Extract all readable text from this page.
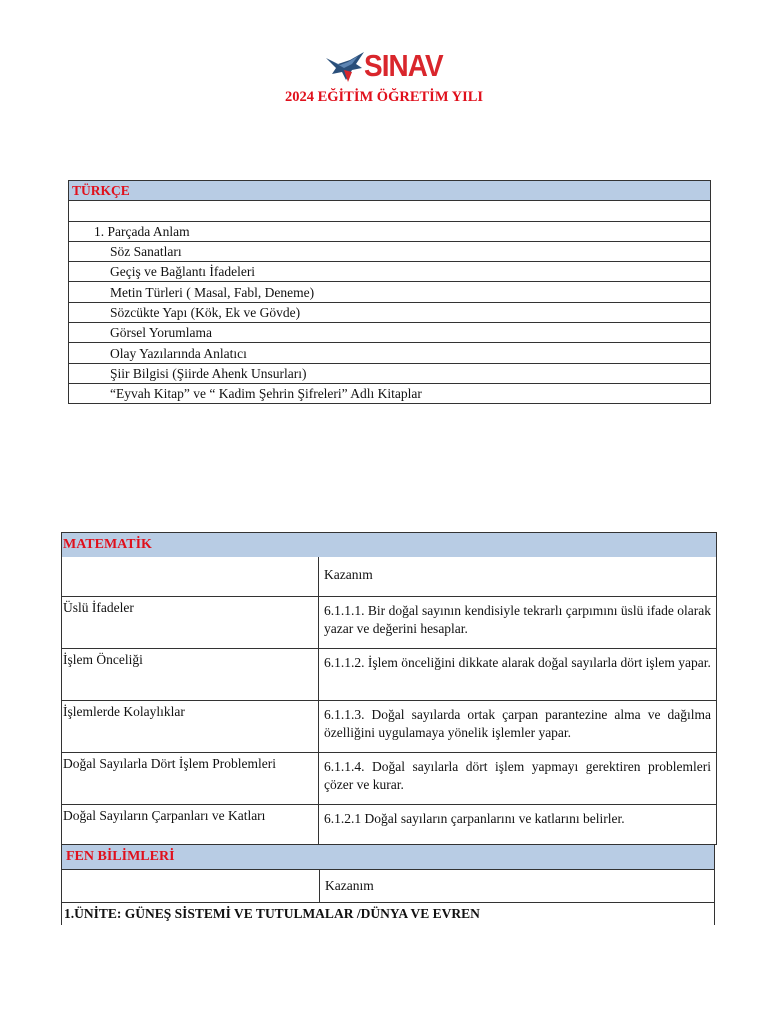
SINAV
2024 EĞİTİM ÖĞRETİM YILI
TÜRKÇE

1. Parçada Anlam
Söz Sanatları
Geçiş ve Bağlantı İfadeleri
Metin Türleri ( Masal, Fabl, Deneme)
Sözcükte Yapı (Kök, Ek ve Gövde)
Görsel Yorumlama
Olay Yazılarında Anlatıcı
Şiir Bilgisi (Şiirde Ahenk Unsurları)
“Eyvah Kitap” ve “ Kadim Şehrin Şifreleri” Adlı Kitaplar
MATEMATİK	
	Kazanım
Üslü İfadeler	6.1.1.1. Bir doğal sayının kendisiyle tekrarlı çarpımını üslü ifade olarak yazar ve değerini hesaplar.
İşlem Önceliği	6.1.1.2. İşlem önceliğini dikkate alarak doğal sayılarla dört işlem yapar.
İşlemlerde Kolaylıklar	6.1.1.3. Doğal sayılarda ortak çarpan parantezine alma ve dağılma özelliğini uygulamaya yönelik işlemler yapar.
Doğal Sayılarla Dört İşlem Problemleri	6.1.1.4. Doğal sayılarla dört işlem yapmayı gerektiren problemleri çözer ve kurar.
Doğal Sayıların Çarpanları ve Katları	6.1.2.1 Doğal sayıların çarpanlarını ve katlarını belirler.
FEN BİLİMLERİ
	Kazanım
1.ÜNİTE: GÜNEŞ SİSTEMİ VE TUTULMALAR /DÜNYA VE EVREN
